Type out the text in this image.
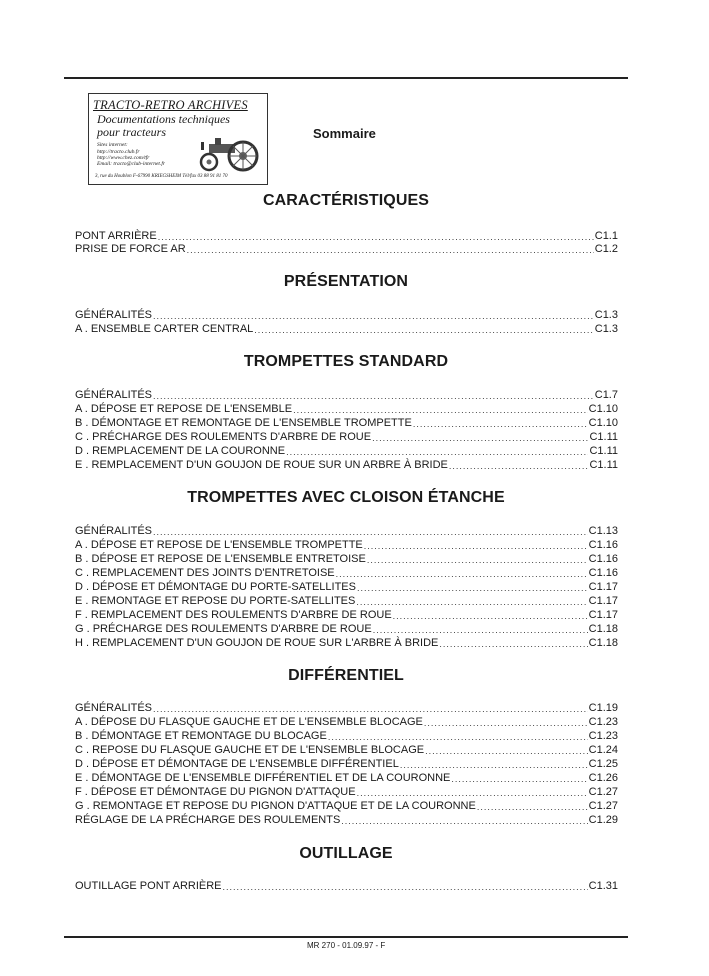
TRACTO-RETRO ARCHIVES
Documentations techniques
pour tracteurs
Sites internet:
http://tracto.club.fr
http://www.chez.com/tfr
Email: tracto@club-internet.fr
3, rue du Houblon F-67990 KRIEGSHEIM Tél/fax 03 88 91 81 70
Sommaire
CARACTÉRISTIQUES
PONT ARRIÈRE .....	C1.1
PRISE DE FORCE AR .....	C1.2
PRÉSENTATION
GÉNÉRALITÉS .....	C1.3
A . ENSEMBLE CARTER CENTRAL .....	C1.3
TROMPETTES STANDARD
GÉNÉRALITÉS .....	C1.7
A . DÉPOSE ET REPOSE DE L'ENSEMBLE .....	C1.10
B . DÉMONTAGE ET REMONTAGE DE L'ENSEMBLE TROMPETTE .....	C1.10
C . PRÉCHARGE DES ROULEMENTS D'ARBRE DE ROUE .....	C1.11
D . REMPLACEMENT DE LA COURONNE .....	C1.11
E . REMPLACEMENT D'UN GOUJON DE ROUE SUR UN ARBRE À BRIDE .....	C1.11
TROMPETTES AVEC CLOISON ÉTANCHE
GÉNÉRALITÉS .....	C1.13
A . DÉPOSE ET REPOSE DE L'ENSEMBLE TROMPETTE .....	C1.16
B . DÉPOSE ET REPOSE DE L'ENSEMBLE ENTRETOISE .....	C1.16
C . REMPLACEMENT DES JOINTS D'ENTRETOISE .....	C1.16
D . DÉPOSE ET DÉMONTAGE DU PORTE-SATELLITES .....	C1.17
E . REMONTAGE ET REPOSE DU PORTE-SATELLITES .....	C1.17
F . REMPLACEMENT DES ROULEMENTS D'ARBRE DE ROUE .....	C1.17
G . PRÉCHARGE DES ROULEMENTS D'ARBRE DE ROUE .....	C1.18
H . REMPLACEMENT D'UN GOUJON DE ROUE SUR L'ARBRE À BRIDE .....	C1.18
DIFFÉRENTIEL
GÉNÉRALITÉS .....	C1.19
A . DÉPOSE DU FLASQUE GAUCHE ET DE L'ENSEMBLE BLOCAGE .....	C1.23
B . DÉMONTAGE ET REMONTAGE DU BLOCAGE .....	C1.23
C . REPOSE DU FLASQUE GAUCHE ET DE L'ENSEMBLE BLOCAGE .....	C1.24
D . DÉPOSE ET DÉMONTAGE DE L'ENSEMBLE DIFFÉRENTIEL .....	C1.25
E . DÉMONTAGE DE L'ENSEMBLE DIFFÉRENTIEL ET DE LA COURONNE .....	C1.26
F . DÉPOSE ET DÉMONTAGE DU PIGNON D'ATTAQUE .....	C1.27
G . REMONTAGE ET REPOSE DU PIGNON D'ATTAQUE ET DE LA COURONNE .....	C1.27
RÉGLAGE DE LA PRÉCHARGE DES ROULEMENTS .....	C1.29
OUTILLAGE
OUTILLAGE PONT ARRIÈRE .....	C1.31
MR 270 - 01.09.97 - F
